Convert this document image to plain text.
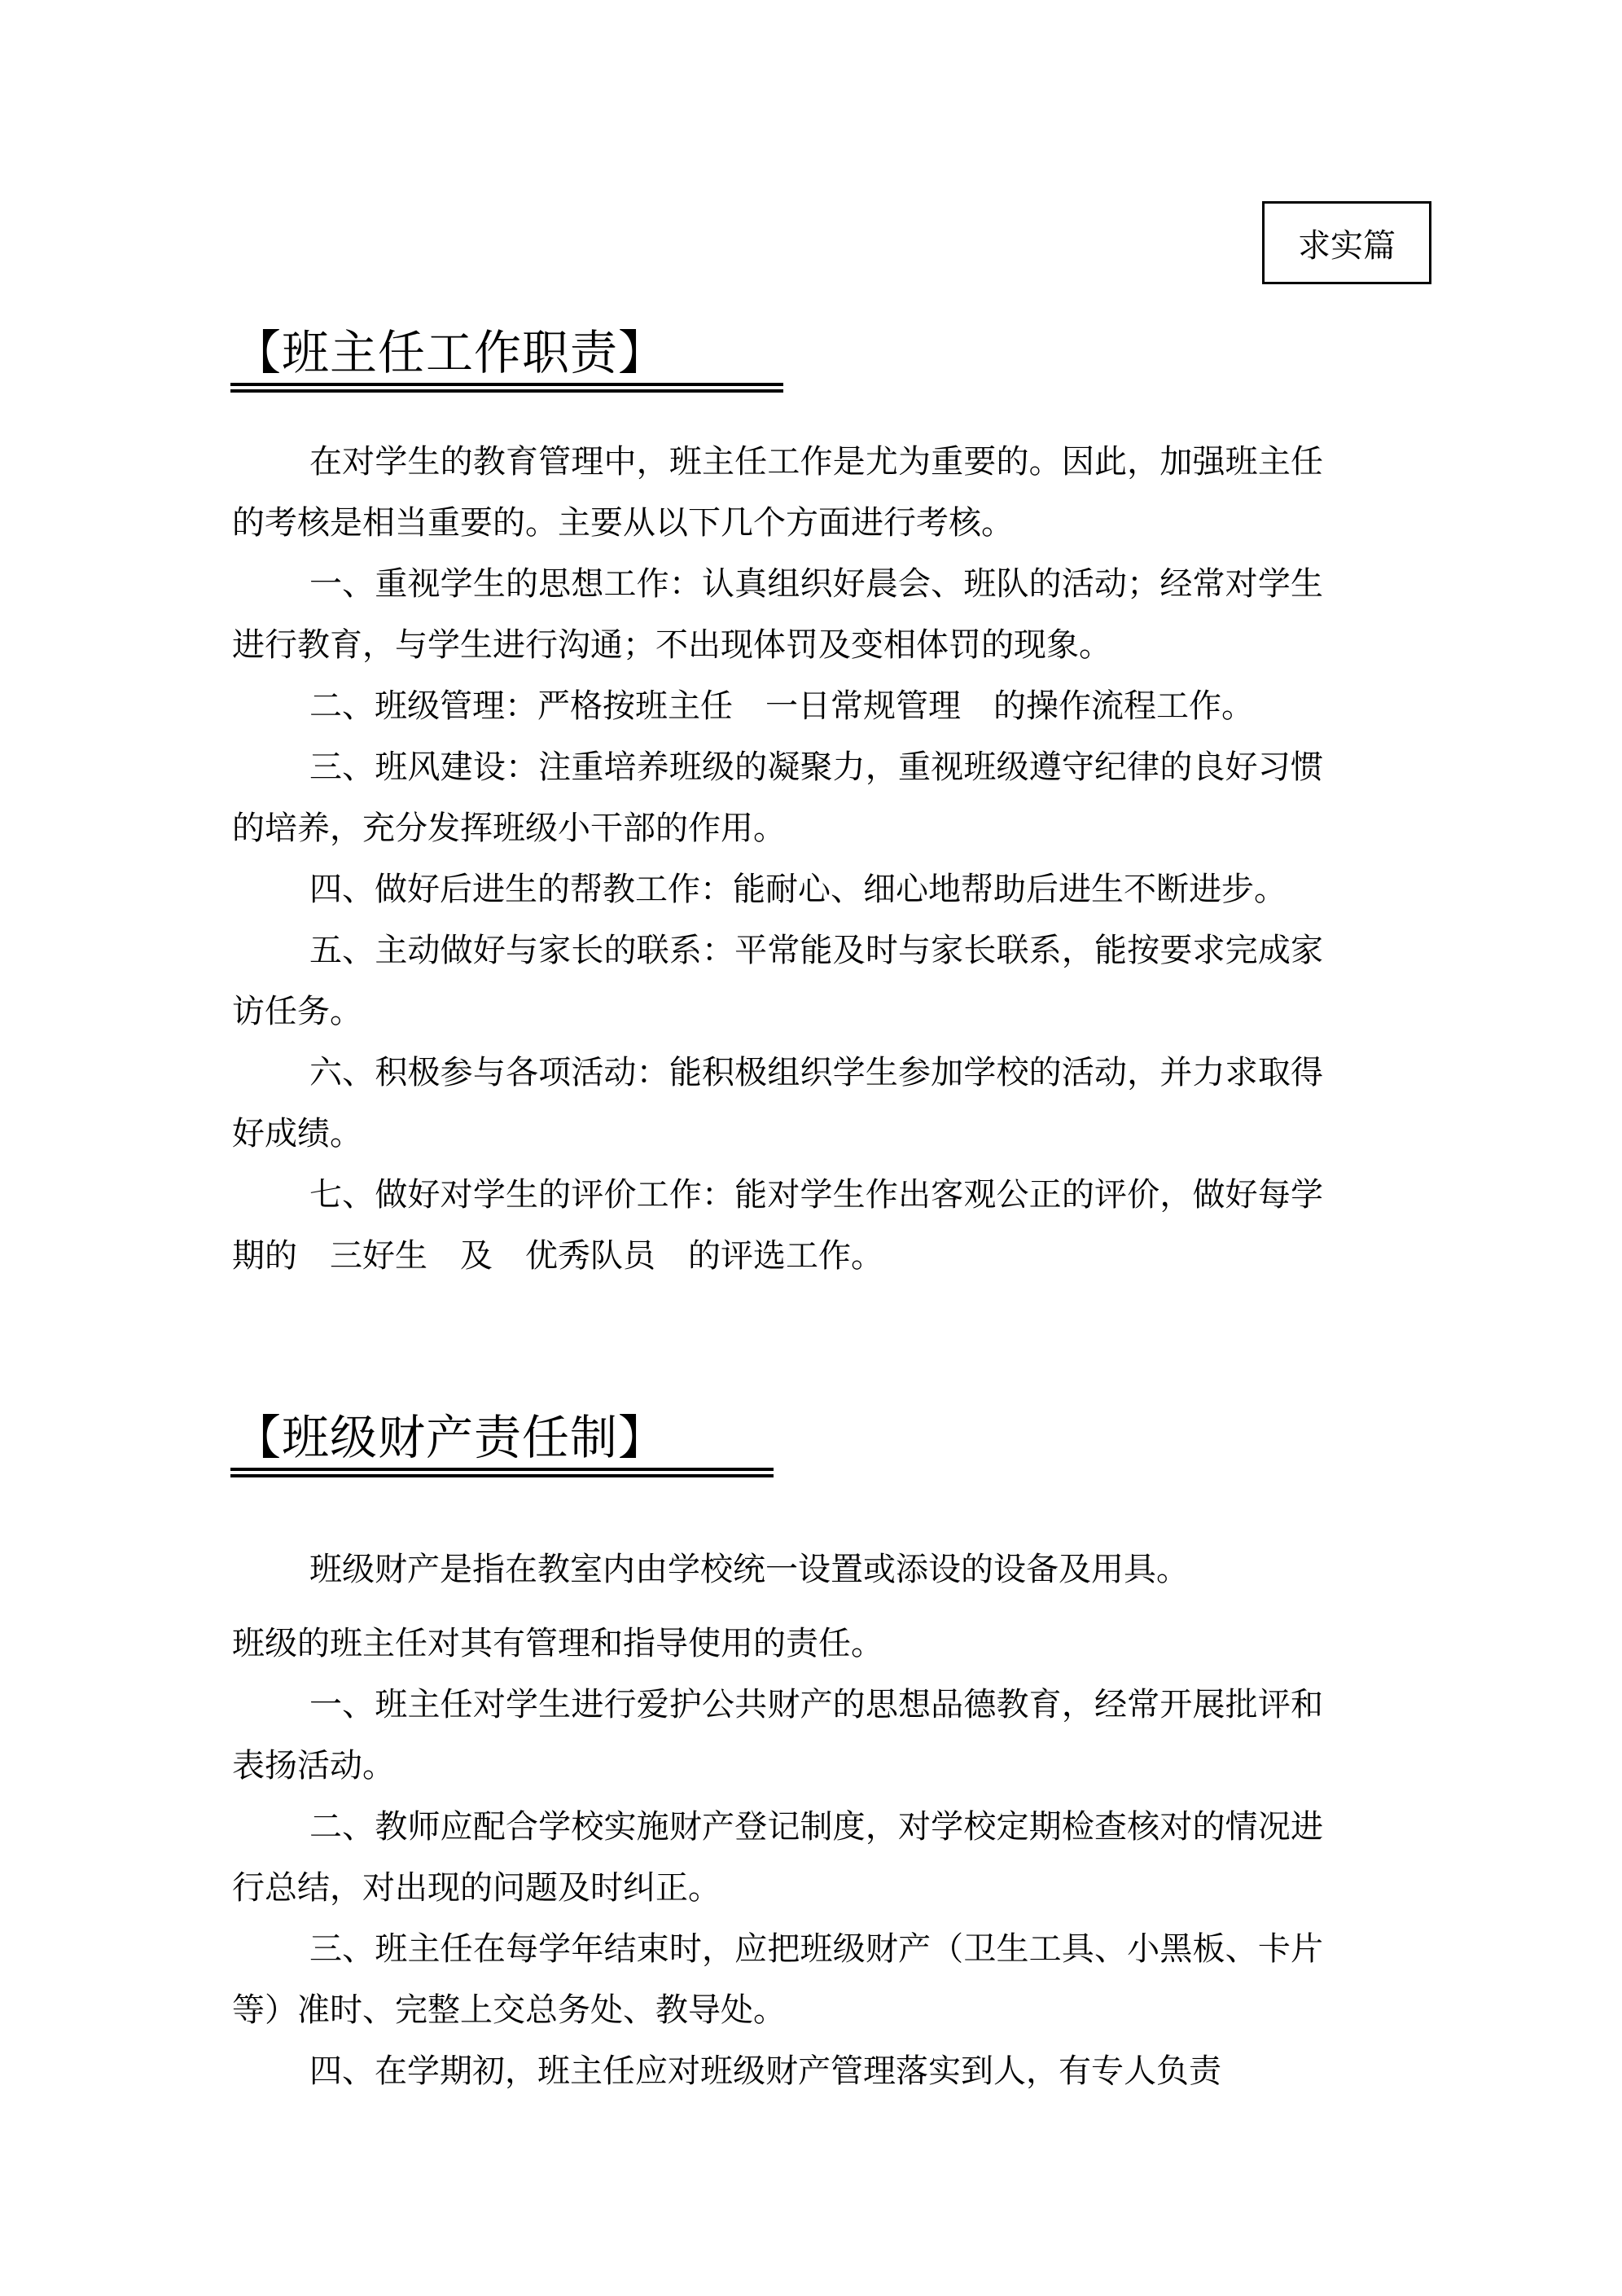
求实篇
【班主任工作职责】

在对学生的教育管理中，班主任工作是尤为重要的。因此，加强班主任的考核是相当重要的。主要从以下几个方面进行考核。

一、重视学生的思想工作：认真组织好晨会、班队的活动；经常对学生进行教育，与学生进行沟通；不出现体罚及变相体罚的现象。

二、班级管理：严格按班主任　一日常规管理　的操作流程工作。

三、班风建设：注重培养班级的凝聚力，重视班级遵守纪律的良好习惯的培养，充分发挥班级小干部的作用。

四、做好后进生的帮教工作：能耐心、细心地帮助后进生不断进步。

五、主动做好与家长的联系：平常能及时与家长联系，能按要求完成家访任务。

六、积极参与各项活动：能积极组织学生参加学校的活动，并力求取得好成绩。

七、做好对学生的评价工作：能对学生作出客观公正的评价，做好每学期的　三好生　及　优秀队员　的评选工作。

【班级财产责任制】

班级财产是指在教室内由学校统一设置或添设的设备及用具。

班级的班主任对其有管理和指导使用的责任。

一、班主任对学生进行爱护公共财产的思想品德教育，经常开展批评和表扬活动。

二、教师应配合学校实施财产登记制度，对学校定期检查核对的情况进行总结，对出现的问题及时纠正。

三、班主任在每学年结束时，应把班级财产（卫生工具、小黑板、卡片等）准时、完整上交总务处、教导处。

四、在学期初，班主任应对班级财产管理落实到人，有专人负责
